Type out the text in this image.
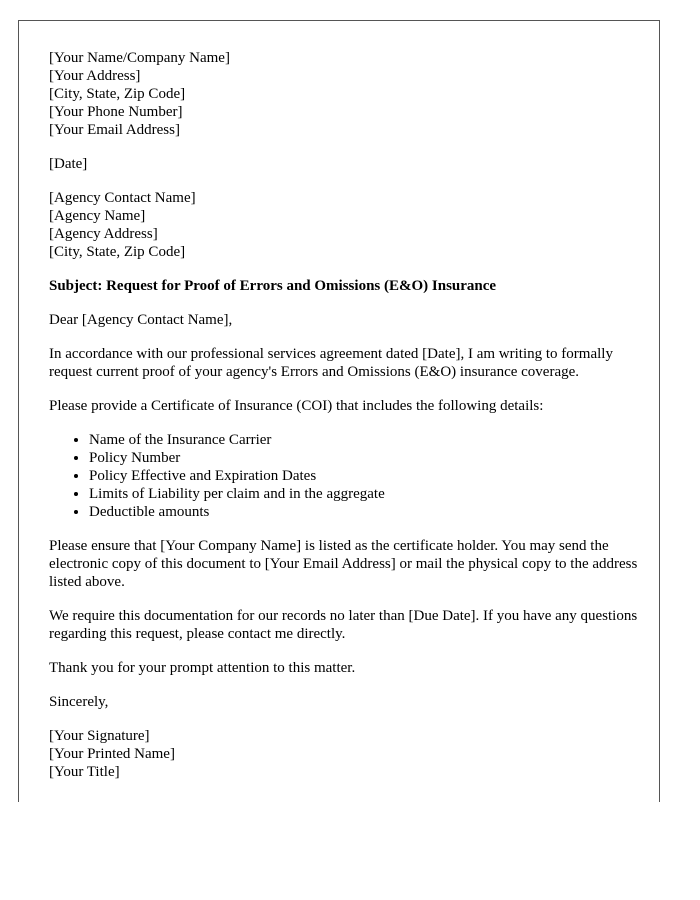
[Your Name/Company Name]
[Your Address]
[City, State, Zip Code]
[Your Phone Number]
[Your Email Address]
[Date]
[Agency Contact Name]
[Agency Name]
[Agency Address]
[City, State, Zip Code]
Subject: Request for Proof of Errors and Omissions (E&O) Insurance
Dear [Agency Contact Name],
In accordance with our professional services agreement dated [Date], I am writing to formally request current proof of your agency's Errors and Omissions (E&O) insurance coverage.
Please provide a Certificate of Insurance (COI) that includes the following details:
• Name of the Insurance Carrier
• Policy Number
• Policy Effective and Expiration Dates
• Limits of Liability per claim and in the aggregate
• Deductible amounts
Please ensure that [Your Company Name] is listed as the certificate holder. You may send the electronic copy of this document to [Your Email Address] or mail the physical copy to the address listed above.
We require this documentation for our records no later than [Due Date]. If you have any questions regarding this request, please contact me directly.
Thank you for your prompt attention to this matter.
Sincerely,
[Your Signature]
[Your Printed Name]
[Your Title]
